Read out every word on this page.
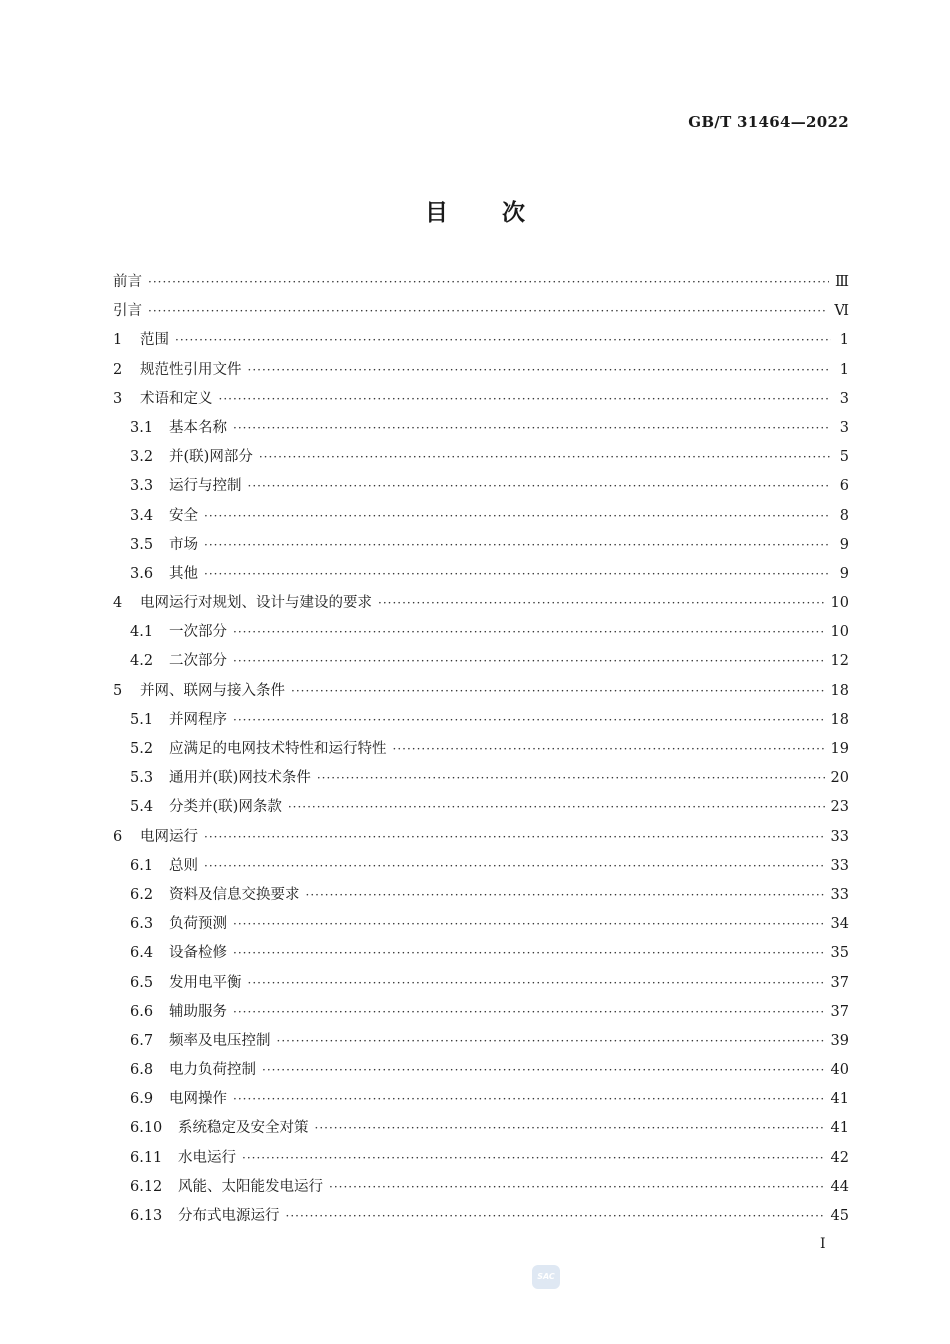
GB/T 31464—2022
目次
前言 ·····	Ⅲ
引言 ·····	Ⅵ
1	范围 ·····	1
2	规范性引用文件 ·····	1
3	术语和定义 ·····	3
3.1	基本名称 ·····	3
3.2	并(联)网部分 ·····	5
3.3	运行与控制 ·····	6
3.4	安全 ·····	8
3.5	市场 ·····	9
3.6	其他 ·····	9
4	电网运行对规划、设计与建设的要求 ·····	10
4.1	一次部分 ·····	10
4.2	二次部分 ·····	12
5	并网、联网与接入条件 ·····	18
5.1	并网程序 ·····	18
5.2	应满足的电网技术特性和运行特性 ·····	19
5.3	通用并(联)网技术条件 ·····	20
5.4	分类并(联)网条款 ·····	23
6	电网运行 ·····	33
6.1	总则 ·····	33
6.2	资料及信息交换要求 ·····	33
6.3	负荷预测 ·····	34
6.4	设备检修 ·····	35
6.5	发用电平衡 ·····	37
6.6	辅助服务 ·····	37
6.7	频率及电压控制 ·····	39
6.8	电力负荷控制 ·····	40
6.9	电网操作 ·····	41
6.10	系统稳定及安全对策 ·····	41
6.11	水电运行 ·····	42
6.12	风能、太阳能发电运行 ·····	44
6.13	分布式电源运行 ·····	45
Ⅰ
SAC
